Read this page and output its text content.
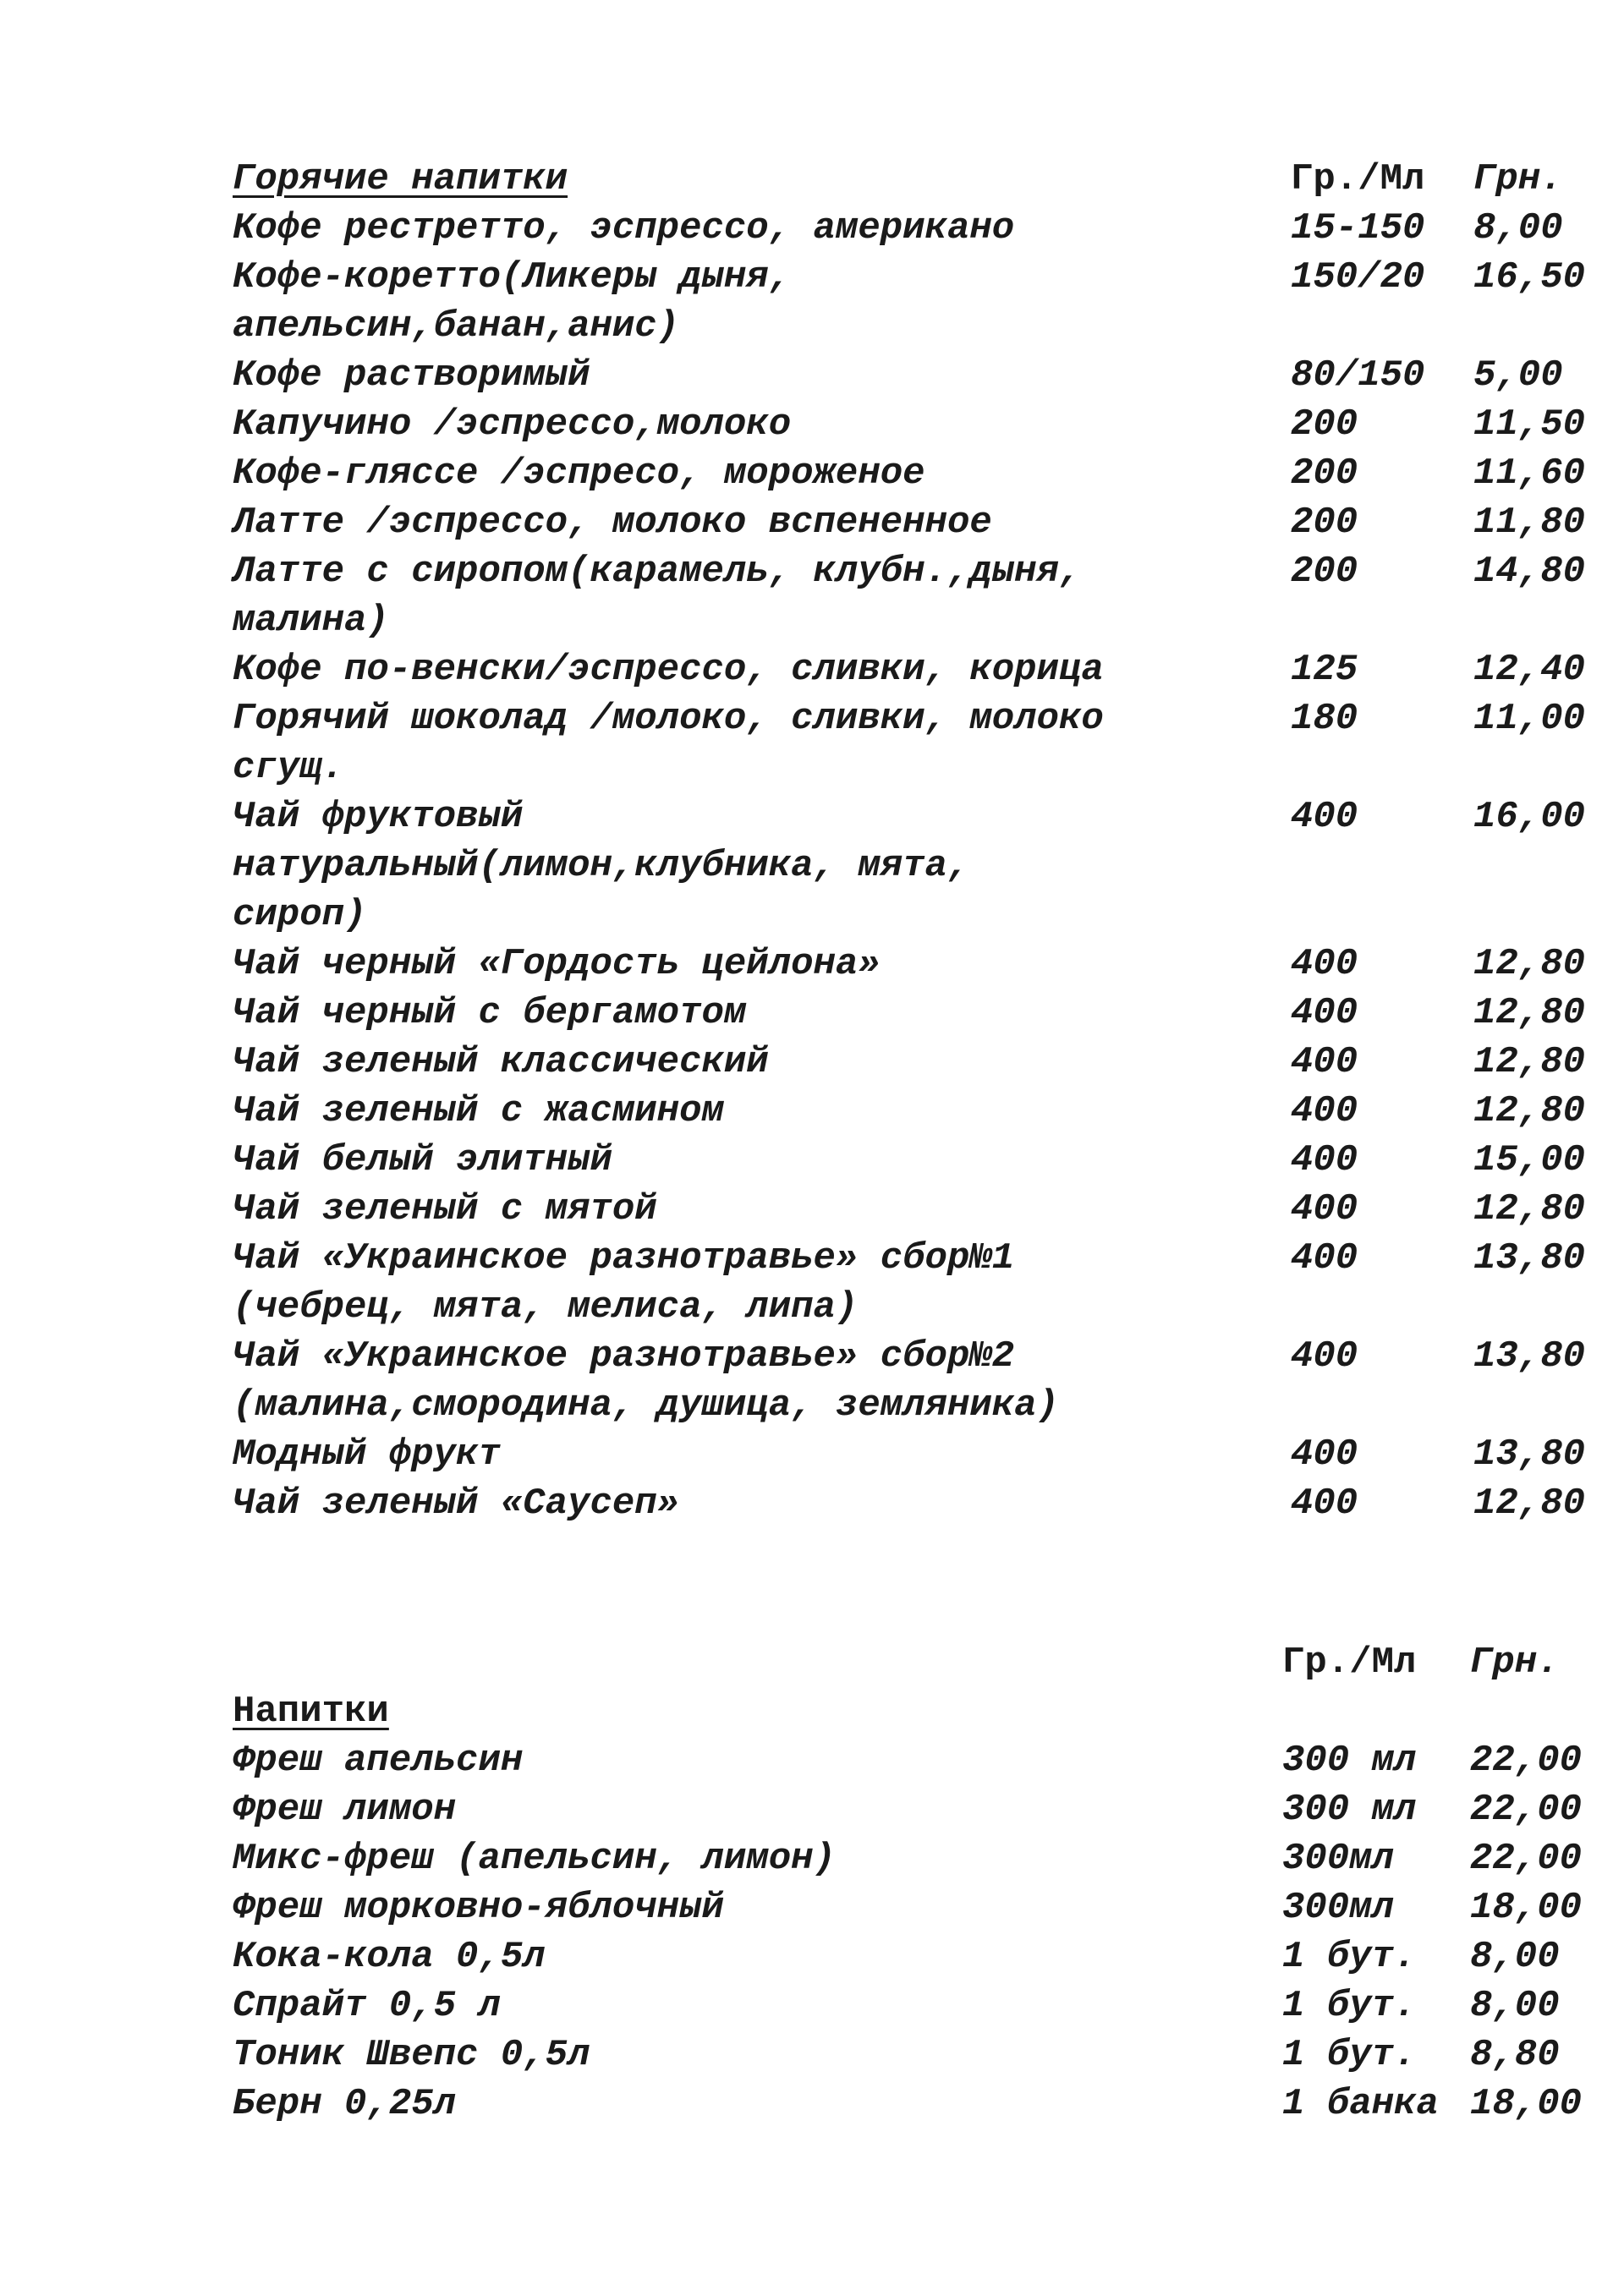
Горячие напитки	Гр./Мл Грн.
Кофе рестретто, эспрессо, американо	15-150 8,00
Кофе-коретто(Ликеры дыня,	150/20 16,50
апельсин,банан,анис)
Кофе растворимый	80/150 5,00
Капучино /эспрессо,молоко	200	11,50
Кофе-гляссе /эспресо, мороженое	200	11,60
Латте /эспрессо, молоко вспененное	200	11,80
Латте с сиропом(карамель, клубн.,дыня,	200	14,80
малина)
Кофе по-венски/эспрессо, сливки, корица	125	12,40
Горячий шоколад /молоко, сливки, молоко	180	11,00
сгущ.
Чай фруктовый	400	16,00
натуральный(лимон,клубника, мята,
сироп)
Чай черный «Гордость цейлона»	400	12,80
Чай черный с бергамотом	400	12,80
Чай зеленый классический	400	12,80
Чай зеленый с жасмином	400	12,80
Чай белый элитный	400	15,00
Чай зеленый с мятой	400	12,80
Чай «Украинское разнотравье» сбор№1	400	13,80
(чебрец, мята, мелиса, липа)
Чай «Украинское разнотравье» сбор№2	400	13,80
(малина,смородина, душица, земляника)
Модный фрукт	400	13,80
Чай зеленый «Саусеп»	400	12,80
Гр./Мл Грн.
Напитки
Фреш апельсин	300 мл 22,00
Фреш лимон	300 мл 22,00
Микс-фреш (апельсин, лимон)	300мл 22,00
Фреш морковно-яблочный	300мл 18,00
Кока-кола 0,5л	1 бут. 8,00
Спрайт 0,5 л	1 бут. 8,00
Тоник Швепс 0,5л	1 бут. 8,80
Берн 0,25л	1 банка 18,00
